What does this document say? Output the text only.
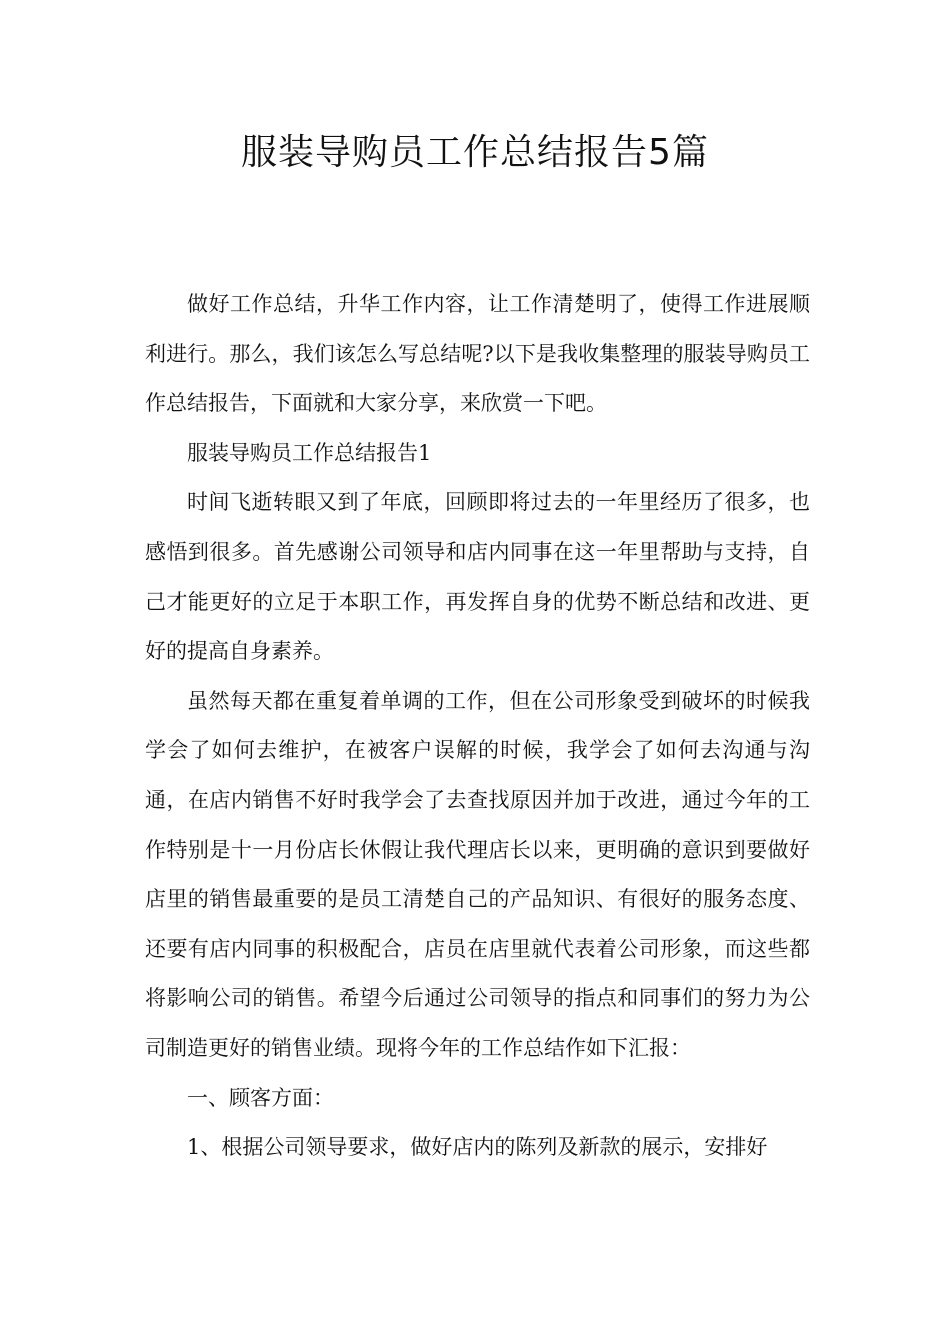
服装导购员工作总结报告5篇

做好工作总结，升华工作内容，让工作清楚明了，使得工作进展顺利进行。那么，我们该怎么写总结呢?以下是我收集整理的服装导购员工作总结报告，下面就和大家分享，来欣赏一下吧。

服装导购员工作总结报告1

时间飞逝转眼又到了年底，回顾即将过去的一年里经历了很多，也感悟到很多。首先感谢公司领导和店内同事在这一年里帮助与支持，自己才能更好的立足于本职工作，再发挥自身的优势不断总结和改进、更好的提高自身素养。

虽然每天都在重复着单调的工作，但在公司形象受到破坏的时候我学会了如何去维护，在被客户误解的时候，我学会了如何去沟通与沟通，在店内销售不好时我学会了去查找原因并加于改进，通过今年的工作特别是十一月份店长休假让我代理店长以来，更明确的意识到要做好店里的销售最重要的是员工清楚自己的产品知识、有很好的服务态度、还要有店内同事的积极配合，店员在店里就代表着公司形象，而这些都将影响公司的销售。希望今后通过公司领导的指点和同事们的努力为公司制造更好的销售业绩。现将今年的工作总结作如下汇报：

一、顾客方面：

1、根据公司领导要求，做好店内的陈列及新款的展示，安排好
